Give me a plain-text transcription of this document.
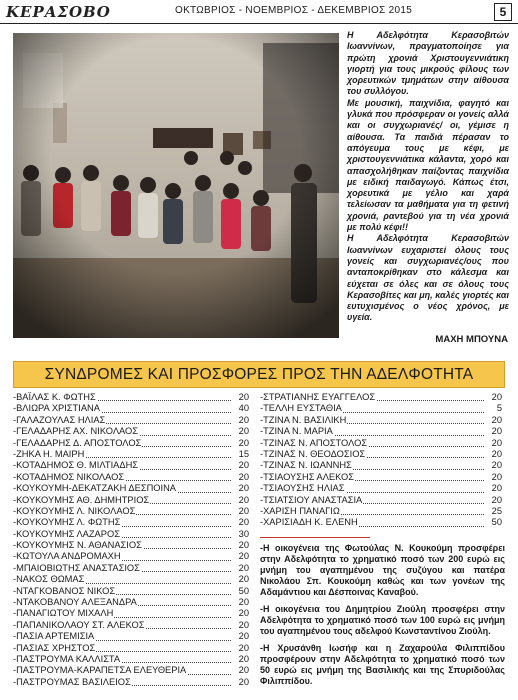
ΚΕΡΑΣΟΒΟ	ΟΚΤΩΒΡΙΟΣ - ΝΟΕΜΒΡΙΟΣ - ΔΕΚΕΜΒΡΙΟΣ 2015	5

Η Αδελφότητα Κερασοβιτών Ιωαννίνων, πραγματοποίησε για πρώτη χρονιά Χριστουγεννιάτικη γιορτή για τους μικρούς φίλους των χορευτικών τμημάτων στην αίθουσα του συλλόγου.

Με μουσική, παιχνίδια, φαγητό και γλυκά που πρόσφεραν οι γονείς αλλά και οι συγχωριανές/ οι, γέμισε η αίθουσα. Τα παιδιά πέρασαν το απόγευμα τους με κέφι, με χριστουγεννιάτικα κάλαντα, χορό και απασχολήθηκαν παίζοντας παιχνίδια με ειδική παιδαγωγό. Κάπως έτσι, χορευτικά με γέλιο και χαρά τελείωσαν τα μαθήματα για τη φετινή χρονιά, ραντεβού για τη νέα χρονιά με πολύ κέφι!!

Η Αδελφότητα Κερασοβιτών Ιωαννίνων ευχαριστεί όλους τους γονείς και συγχωριανές/ους που ανταποκρίθηκαν στο κάλεσμα και εύχεται σε όλες και σε όλους τους Κερασοβίτες και μη, καλές γιορτές και ευτυχισμένος ο νέος χρόνος, με υγεία.

ΜΑΧΗ ΜΠΟΥΝΑ
ΣΥΝΔΡΟΜΕΣ ΚΑΙ ΠΡΟΣΦΟΡΕΣ ΠΡΟΣ ΤΗΝ ΑΔΕΛΦΟΤΗΤΑ
-ΒΑΪΛΑΣ Κ. ΦΩΤΗΣ	20
-ΒΛΙΩΡΑ ΧΡΙΣΤΙΑΝΑ	40
-ΓΑΛΑΖΟΥΛΑΣ ΗΛΙΑΣ	20
-ΓΕΛΑΔΑΡΗΣ ΑΧ. ΝΙΚΟΛΑΟΣ	20
-ΓΕΛΑΔΑΡΗΣ Δ. ΑΠΟΣΤΟΛΟΣ	20
-ΖΗΚΑ Η. ΜΑΙΡΗ	15
-ΚΟΤΑΔΗΜΟΣ Θ. ΜΙΛΤΙΑΔΗΣ	20
-ΚΟΤΑΔΗΜΟΣ ΝΙΚΟΛΑΟΣ	20
-ΚΟΥΚΟΥΜΗ-ΔΕΚΑΤΖΑΚΗ ΔΕΣΠΟΙΝΑ	20
-ΚΟΥΚΟΥΜΗΣ ΑΘ. ΔΗΜΗΤΡΙΟΣ	20
-ΚΟΥΚΟΥΜΗΣ Λ. ΝΙΚΟΛΑΟΣ	20
-ΚΟΥΚΟΥΜΗΣ Λ. ΦΩΤΗΣ	20
-ΚΟΥΚΟΥΜΗΣ ΛΑΖΑΡΟΣ	30
-ΚΟΥΚΟΥΜΗΣ Ν. ΑΘΑΝΑΣΙΟΣ	20
-ΚΩΤΟΥΛΑ ΑΝΔΡΟΜΑΧΗ	20
-ΜΠΑΙΟΒΙΩΤΗΣ ΑΝΑΣΤΑΣΙΟΣ	20
-ΝΑΚΟΣ ΘΩΜΑΣ	20
-ΝΤΑΓΚΟΒΑΝΟΣ ΝΙΚΟΣ	50
-ΝΤΑΚΟΒΑΝΟΥ ΑΛΕΞΑΝΔΡΑ	20
-ΠΑΝΑΓΙΩΤΟΥ ΜΙΧΑΛΗ	20
-ΠΑΠΑΝΙΚΟΛΑΟΥ ΣΤ. ΑΛΕΚΟΣ	20
-ΠΑΣΙΑ ΑΡΤΕΜΙΣΙΑ	20
-ΠΑΣΙΑΣ ΧΡΗΣΤΟΣ	20
-ΠΑΣΤΡΟΥΜΑ ΚΑΛΛΙΣΤΑ	20
-ΠΑΣΤΡΟΥΜΑ-ΚΑΡΑΠΕΤΣΑ ΕΛΕΥΘΕΡΙΑ	20
-ΠΑΣΤΡΟΥΜΑΣ ΒΑΣΙΛΕΙΟΣ	20
-ΣΤΡΑΤΙΑΝΗΣ ΕΥΑΓΓΕΛΟΣ	20
-ΤΕΛΛΗ ΕΥΣΤΑΘΙΑ	5
-ΤΖΙΝΑ Ν. ΒΑΣΙΛΙΚΗ	20
-ΤΖΙΝΑ Ν. ΜΑΡΙΑ	20
-ΤΖΙΝΑΣ Ν. ΑΠΟΣΤΟΛΟΣ	20
-ΤΖΙΝΑΣ Ν. ΘΕΟΔΟΣΙΟΣ	20
-ΤΖΙΝΑΣ Ν. ΙΩΑΝΝΗΣ	20
-ΤΣΙΑΟΥΣΗΣ ΑΛΕΚΟΣ	20
-ΤΣΙΑΟΥΣΗΣ ΗΛΙΑΣ	20
-ΤΣΙΑΤΣΙΟΥ ΑΝΑΣΤΑΣΙΑ	20
-ΧΑΡΙΣΗ ΠΑΝΑΓΙΩ	25
-ΧΑΡΙΣΙΑΔΗ Κ. ΕΛΕΝΗ	50

-Η οικογένεια της Φωτούλας Ν. Κουκούμη προσφέρει στην Αδελφότητα το χρηματικό ποσό των 200 ευρώ εις μνήμη του αγαπημένου της συζύγου και πατέρα Νικολάου Σπ. Κουκούμη καθώς και των γονέων της Αδαμάντιου και Δέσποινας Καναβού.

-Η οικογένεια του Δημητρίου Ζιούλη προσφέρει στην Αδελφότητα το χρηματικό ποσό των 100 ευρώ εις μνήμη του αγαπημένου τους αδελφού Κωνσταντίνου Ζιούλη.

-Η Χρυσάνθη Ιωσήφ και η Ζαχαρούλα Φιλιππίδου προσφέρουν στην Αδελφότητα το χρηματικό ποσό των 50 ευρώ εις μνήμη της Βασιλικής και της Σπυριδούλας Φιλιππίδου.
